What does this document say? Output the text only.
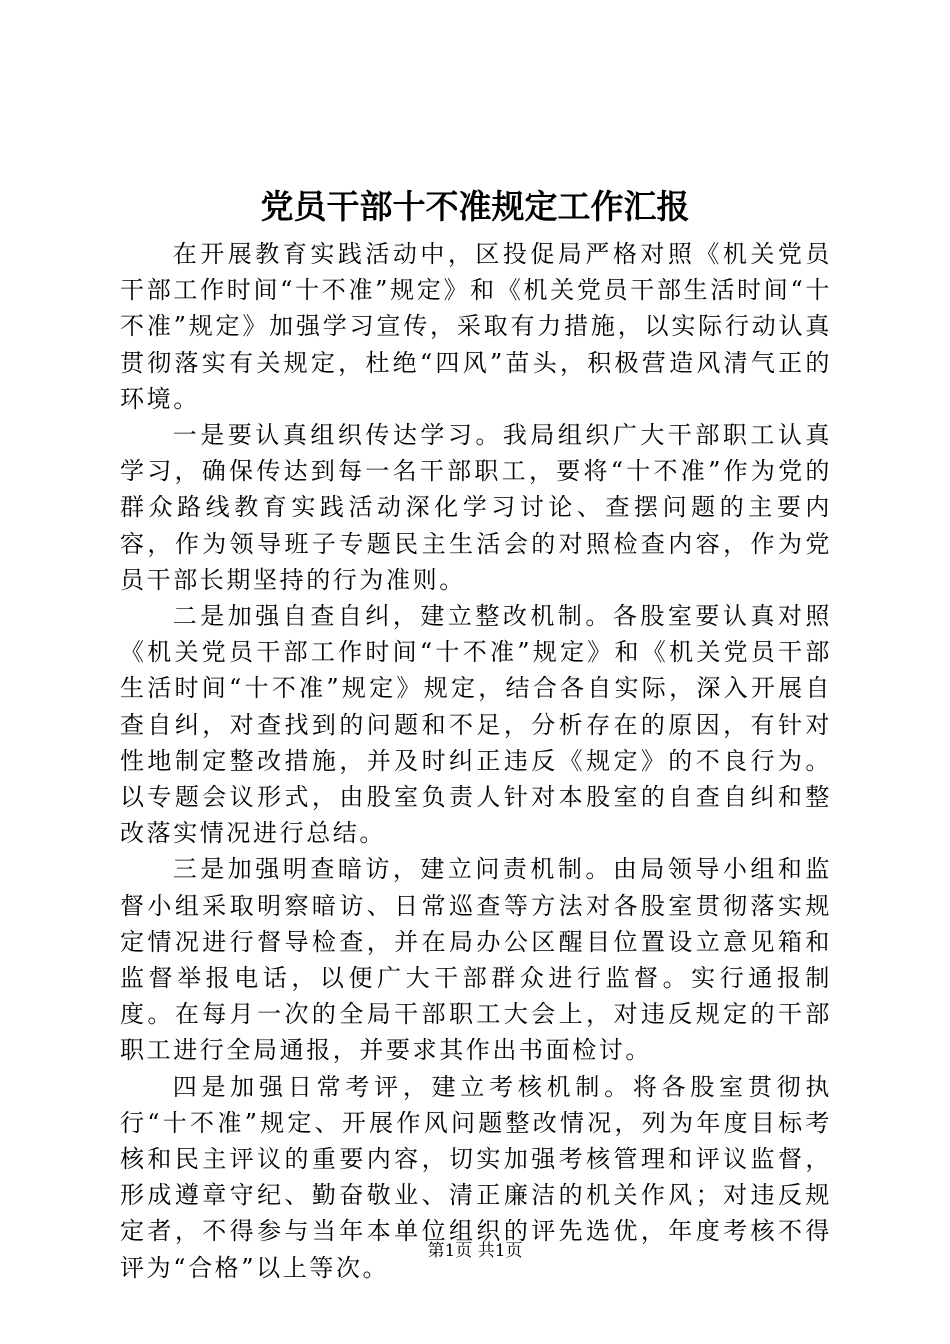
党员干部十不准规定工作汇报

在开展教育实践活动中，区投促局严格对照《机关党员干部工作时间“十不准”规定》和《机关党员干部生活时间“十不准”规定》加强学习宣传，采取有力措施，以实际行动认真贯彻落实有关规定，杜绝“四风”苗头，积极营造风清气正的环境。

一是要认真组织传达学习。我局组织广大干部职工认真学习，确保传达到每一名干部职工，要将“十不准”作为党的群众路线教育实践活动深化学习讨论、查摆问题的主要内容，作为领导班子专题民主生活会的对照检查内容，作为党员干部长期坚持的行为准则。

二是加强自查自纠，建立整改机制。各股室要认真对照《机关党员干部工作时间“十不准”规定》和《机关党员干部生活时间“十不准”规定》规定，结合各自实际，深入开展自查自纠，对查找到的问题和不足，分析存在的原因，有针对性地制定整改措施，并及时纠正违反《规定》的不良行为。以专题会议形式，由股室负责人针对本股室的自查自纠和整改落实情况进行总结。

三是加强明查暗访，建立问责机制。由局领导小组和监督小组采取明察暗访、日常巡查等方法对各股室贯彻落实规定情况进行督导检查，并在局办公区醒目位置设立意见箱和监督举报电话，以便广大干部群众进行监督。实行通报制度。在每月一次的全局干部职工大会上，对违反规定的干部职工进行全局通报，并要求其作出书面检讨。

四是加强日常考评，建立考核机制。将各股室贯彻执行“十不准”规定、开展作风问题整改情况，列为年度目标考核和民主评议的重要内容，切实加强考核管理和评议监督，形成遵章守纪、勤奋敬业、清正廉洁的机关作风；对违反规定者，不得参与当年本单位组织的评先选优，年度考核不得评为“合格”以上等次。

第1页 共1页
